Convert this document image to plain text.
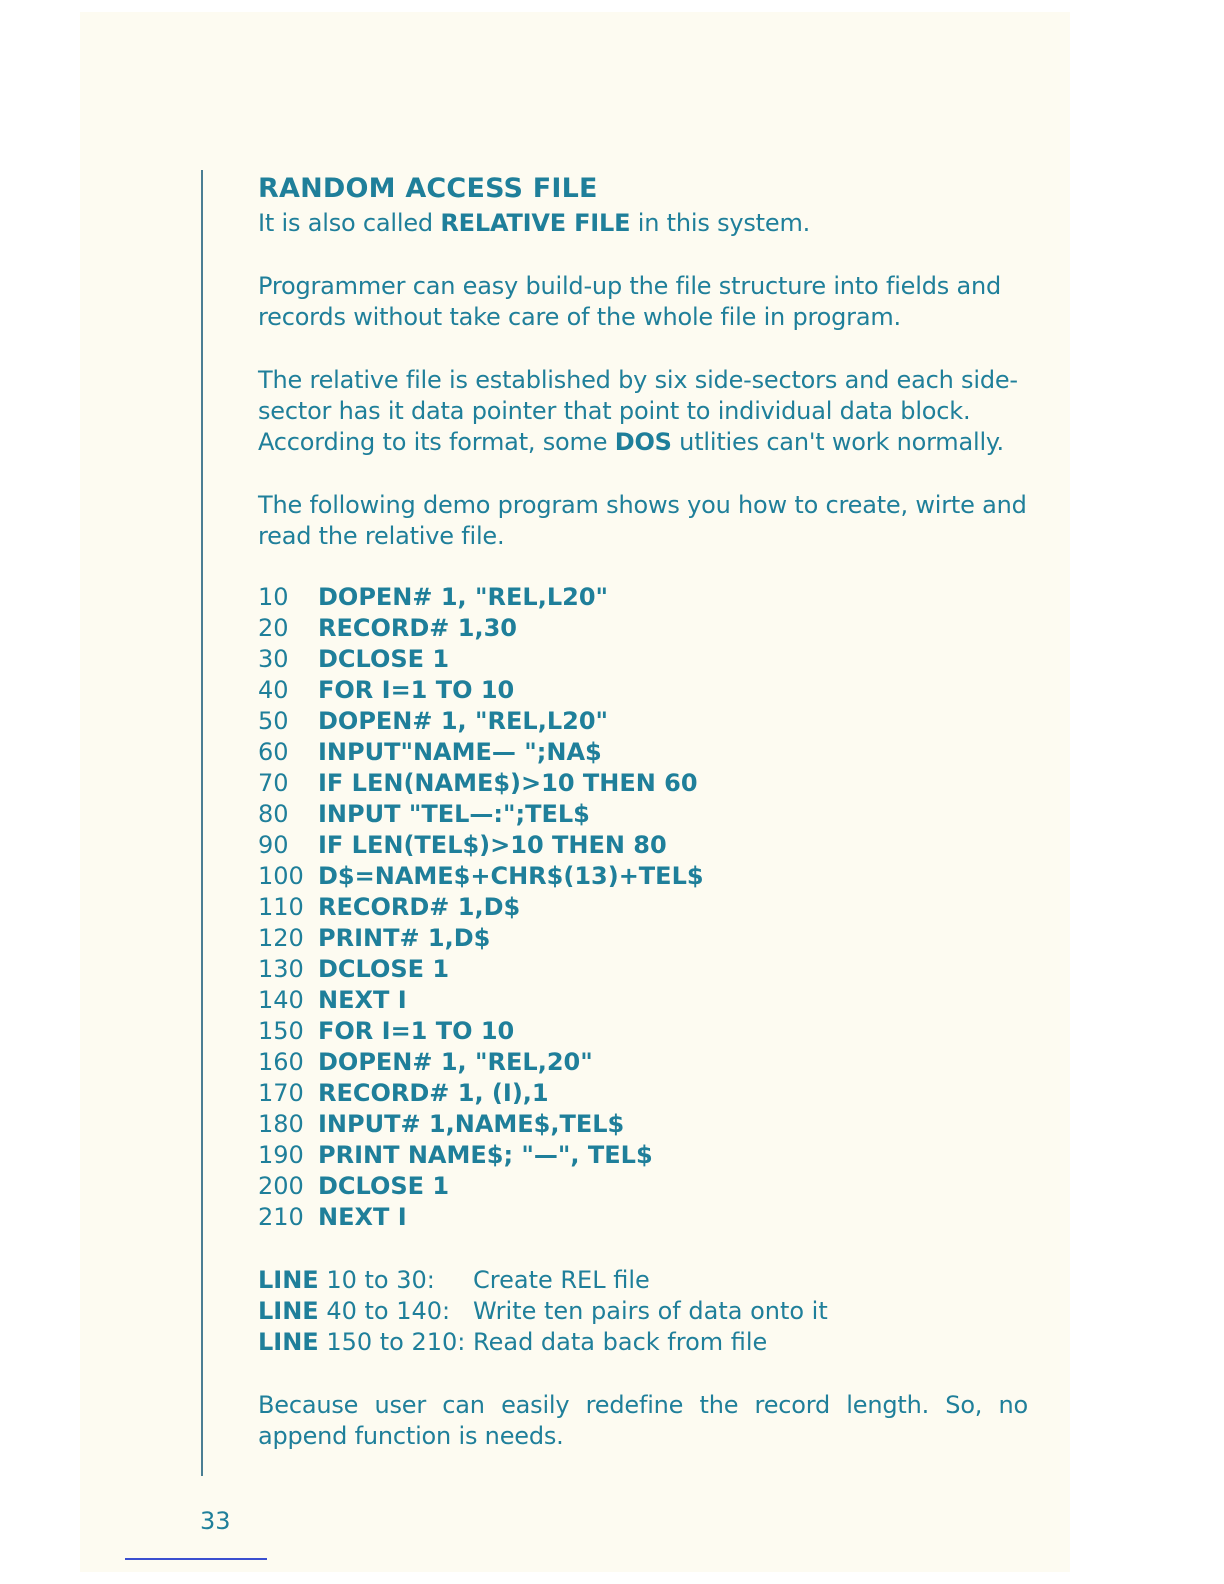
RANDOM ACCESS FILE

It is also called RELATIVE FILE in this system.

Programmer can easy build-up the file structure into fields and records without take care of the whole file in program.

The relative file is established by six side-sectors and each side-sector has it data pointer that point to individual data block. According to its format, some DOS utlities can't work normally.

The following demo program shows you how to create, wirte and read the relative file.

10	DOPEN# 1, "REL,L20"
20	RECORD# 1,30
30	DCLOSE 1
40	FOR I=1 TO 10
50	DOPEN# 1, "REL,L20"
60	INPUT"NAME— ";NA$
70	IF LEN(NAME$)>10 THEN 60
80	INPUT "TEL—:";TEL$
90	IF LEN(TEL$)>10 THEN 80
100 D$=NAME$+CHR$(13)+TEL$
110 RECORD# 1,D$
120 PRINT# 1,D$
130 DCLOSE 1
140 NEXT I
150 FOR I=1 TO 10
160 DOPEN# 1, "REL,20"
170 RECORD# 1, (I),1
180 INPUT# 1,NAME$,TEL$
190 PRINT NAME$; "—", TEL$
200 DCLOSE 1
210 NEXT I
LINE 10 to 30:	Create REL file
LINE 40 to 140: Write ten pairs of data onto it
LINE 150 to 210: Read data back from file

Because user can easily redefine the record length. So, no append function is needs.

33
